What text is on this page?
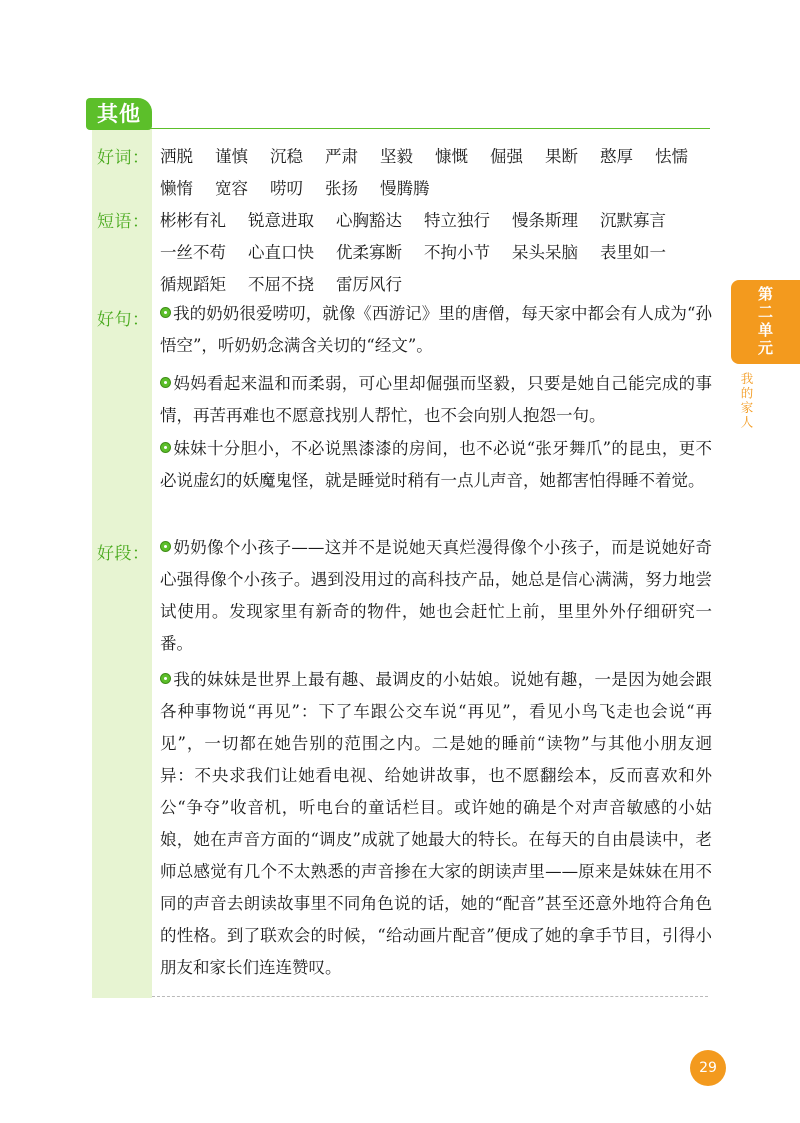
其他
好词： 洒脱 谨慎 沉稳 严肃 坚毅 慷慨 倔强 果断 憨厚 怯懦
懒惰 宽容 唠叨 张扬 慢腾腾
短语： 彬彬有礼 锐意进取 心胸豁达 特立独行 慢条斯理 沉默寡言
一丝不苟 心直口快 优柔寡断 不拘小节 呆头呆脑 表里如一
循规蹈矩 不屈不挠 雷厉风行
好句：	我的奶奶很爱唠叨，就像《西游记》里的唐僧，每天家中都会有人成为“孙悟空”，听奶奶念满含关切的“经文”。
妈妈看起来温和而柔弱，可心里却倔强而坚毅，只要是她自己能完成的事情，再苦再难也不愿意找别人帮忙，也不会向别人抱怨一句。
妹妹十分胆小，不必说黑漆漆的房间，也不必说“张牙舞爪”的昆虫，更不必说虚幻的妖魔鬼怪，就是睡觉时稍有一点儿声音，她都害怕得睡不着觉。
好段：	奶奶像个小孩子——这并不是说她天真烂漫得像个小孩子，而是说她好奇心强得像个小孩子。遇到没用过的高科技产品，她总是信心满满，努力地尝试使用。发现家里有新奇的物件，她也会赶忙上前，里里外外仔细研究一番。
我的妹妹是世界上最有趣、最调皮的小姑娘。说她有趣，一是因为她会跟各种事物说“再见”：下了车跟公交车说“再见”，看见小鸟飞走也会说“再见”，一切都在她告别的范围之内。二是她的睡前“读物”与其他小朋友迥异：不央求我们让她看电视、给她讲故事，也不愿翻绘本，反而喜欢和外公“争夺”收音机，听电台的童话栏目。或许她的确是个对声音敏感的小姑娘，她在声音方面的“调皮”成就了她最大的特长。在每天的自由晨读中，老师总感觉有几个不太熟悉的声音掺在大家的朗读声里——原来是妹妹在用不同的声音去朗读故事里不同角色说的话，她的“配音”甚至还意外地符合角色的性格。到了联欢会的时候，“给动画片配音”便成了她的拿手节目，引得小朋友和家长们连连赞叹。
第二单元
我的家人
29
